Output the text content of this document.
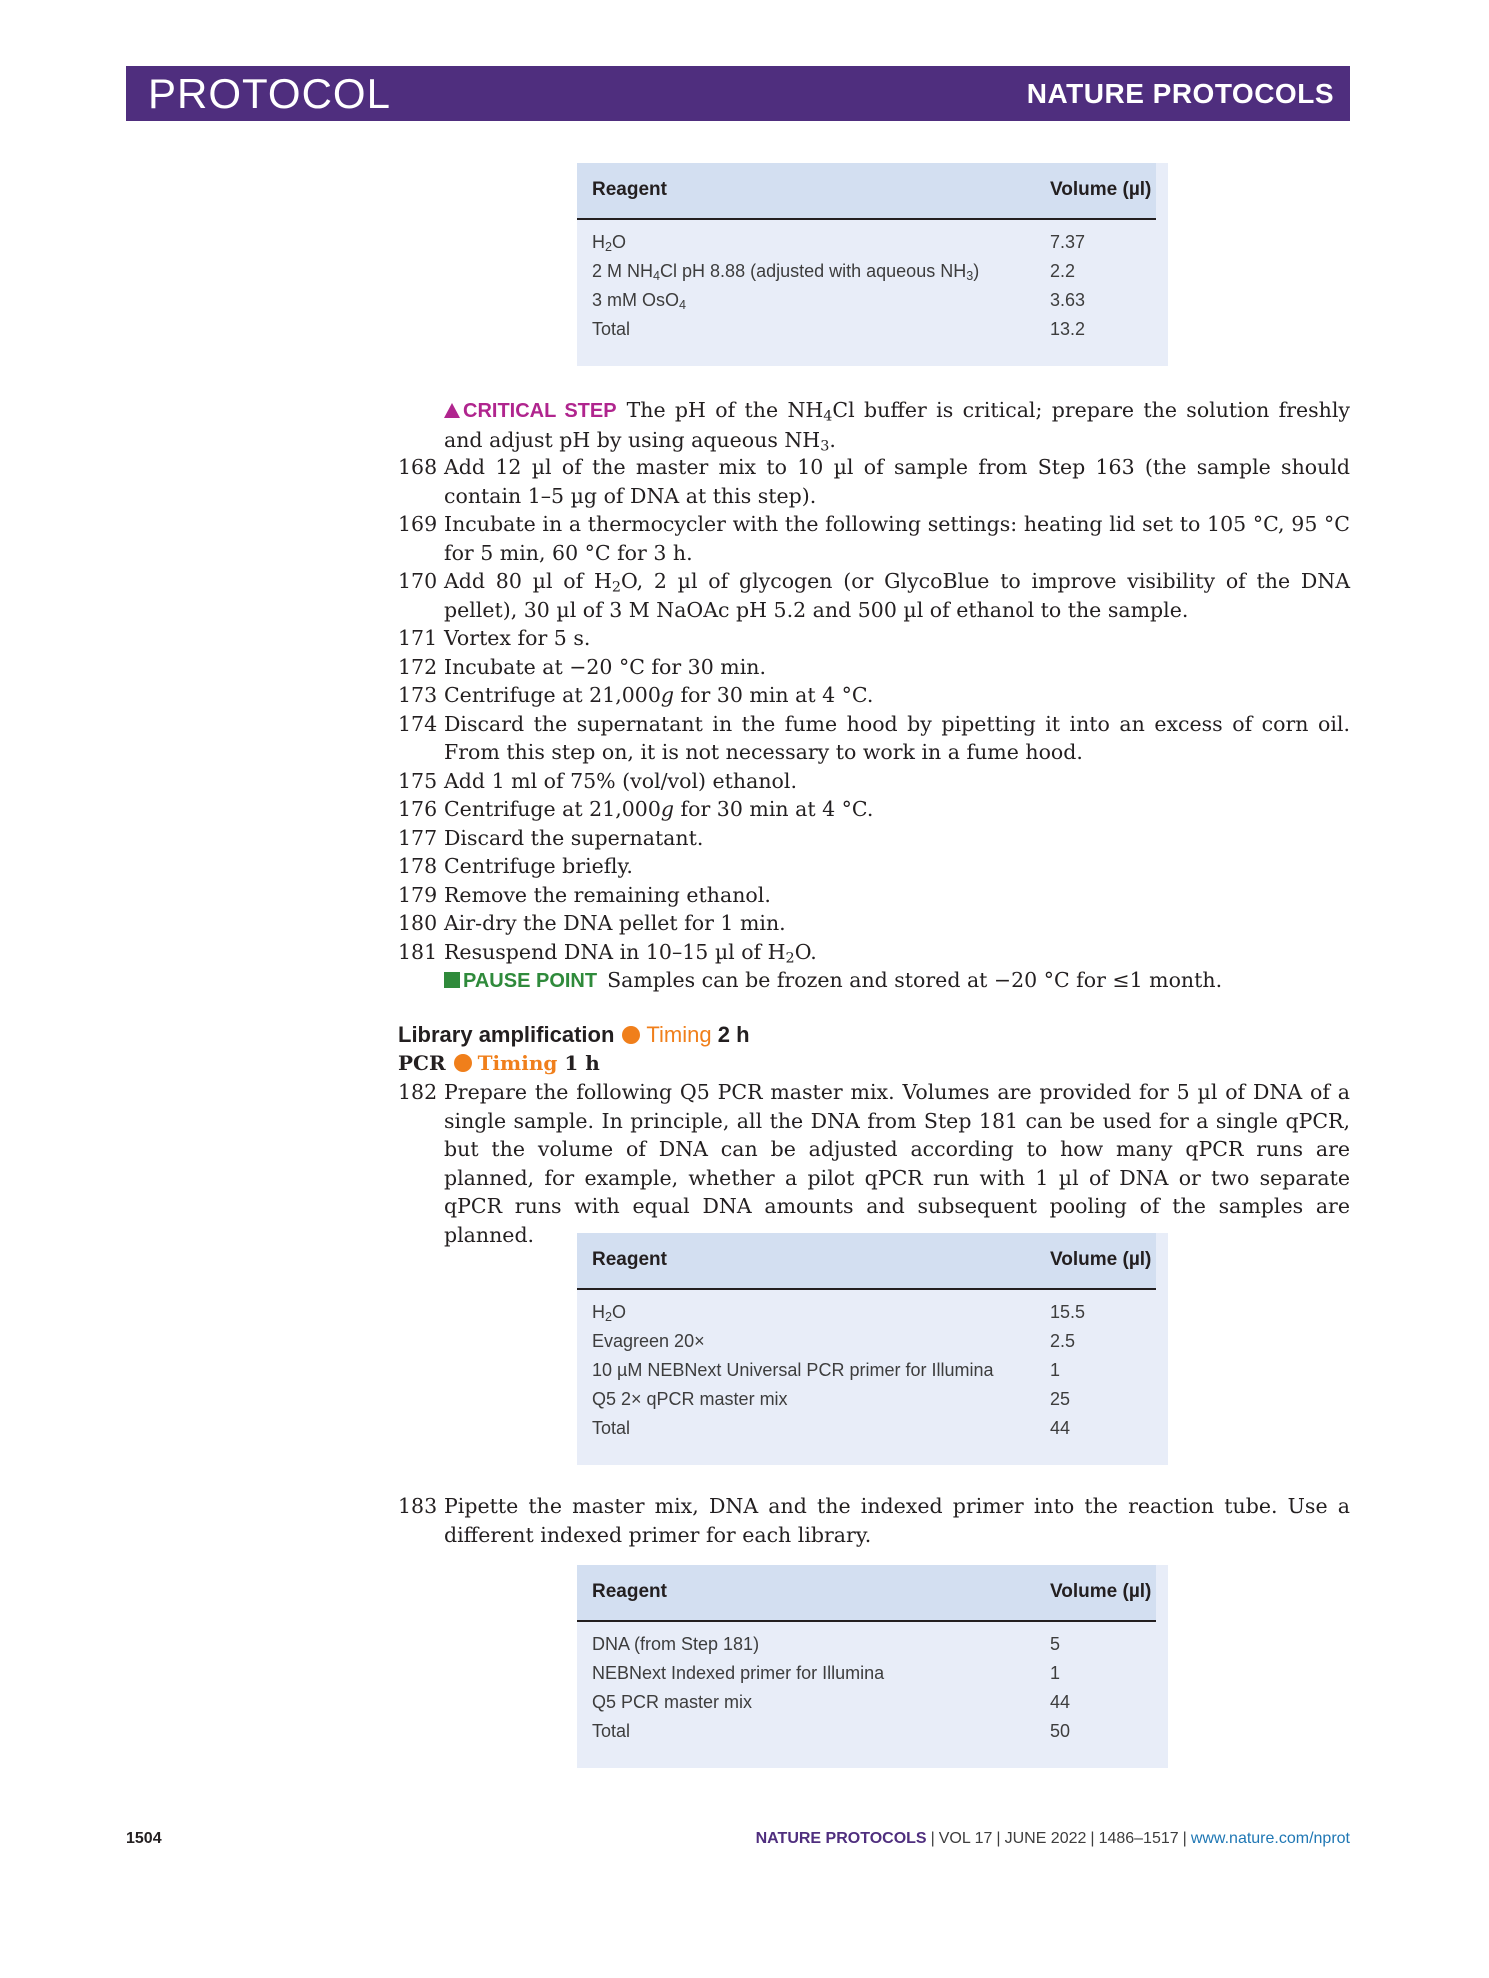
PROTOCOL	NATURE PROTOCOLS
Reagent	Volume (µl)
$H_2O$	7.37
2 M $NH_4Cl$ pH 8.88 (adjusted with aqueous $NH_3$)	2.2
3 mM OsO$_4$	3.63
Total	13.2
CRITICAL STEP The pH of the $NH_4Cl$ buffer is critical; prepare the solution freshly and adjust pH by using aqueous $NH_3$.
168 Add 12 µl of the master mix to 10 µl of sample from Step 163 (the sample should contain 1–5 µg of DNA at this step).
169 Incubate in a thermocycler with the following settings: heating lid set to 105 °C, 95 °C for 5 min, 60 °C for 3 h.
170 Add 80 µl of $H_2O$, 2 µl of glycogen (or GlycoBlue to improve visibility of the DNA pellet), 30 µl of 3 M NaOAc pH 5.2 and 500 µl of ethanol to the sample.
171 Vortex for 5 s.
172 Incubate at −20 °C for 30 min.
173 Centrifuge at 21,000g for 30 min at 4 °C.
174 Discard the supernatant in the fume hood by pipetting it into an excess of corn oil. From this step on, it is not necessary to work in a fume hood.
175 Add 1 ml of 75% (vol/vol) ethanol.
176 Centrifuge at 21,000g for 30 min at 4 °C.
177 Discard the supernatant.
178 Centrifuge briefly.
179 Remove the remaining ethanol.
180 Air-dry the DNA pellet for 1 min.
181 Resuspend DNA in 10–15 µl of $H_2O$.
PAUSE POINT Samples can be frozen and stored at −20 °C for ≤1 month.
Library amplification Timing 2 h
PCR Timing 1 h
182 Prepare the following Q5 PCR master mix. Volumes are provided for 5 µl of DNA of a single sample. In principle, all the DNA from Step 181 can be used for a single qPCR, but the volume of DNA can be adjusted according to how many qPCR runs are planned, for example, whether a pilot qPCR run with 1 µl of DNA or two separate qPCR runs with equal DNA amounts and subsequent pooling of the samples are planned.
Reagent	Volume (µl)
$H_2O$	15.5
Evagreen 20×	2.5
10 µM NEBNext Universal PCR primer for Illumina	1
Q5 2× qPCR master mix	25
Total	44
183 Pipette the master mix, DNA and the indexed primer into the reaction tube. Use a different indexed primer for each library.
Reagent	Volume (µl)
DNA (from Step 181)	5
NEBNext Indexed primer for Illumina	1
Q5 PCR master mix	44
Total	50
1504	NATURE PROTOCOLS | VOL 17 | JUNE 2022 | 1486–1517 | www.nature.com/nprot
